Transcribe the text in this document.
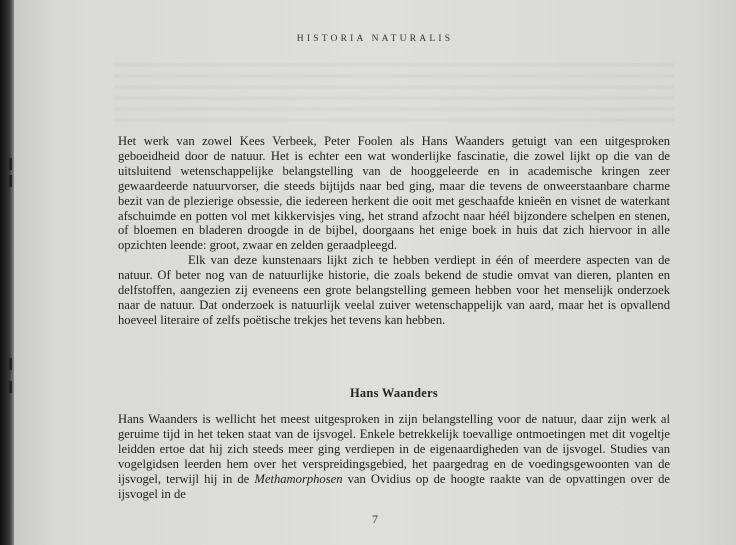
HISTORIA NATURALIS

Het werk van zowel Kees Verbeek, Peter Foolen als Hans Waanders getuigt van een uitgesproken geboeidheid door de natuur. Het is echter een wat wonderlijke fascinatie, die zowel lijkt op die van de uitsluitend wetenschappelijke belangstelling van de hooggeleerde en in academische kringen zeer gewaardeerde natuurvorser, die steeds bijtijds naar bed ging, maar die tevens de onweerstaanbare charme bezit van de plezierige obsessie, die iedereen herkent die ooit met geschaafde knieën en visnet de waterkant afschuimde en potten vol met kikkervisjes ving, het strand afzocht naar héél bijzondere schelpen en stenen, of bloemen en bladeren droogde in de bijbel, doorgaans het enige boek in huis dat zich hiervoor in alle opzichten leende: groot, zwaar en zelden geraadpleegd.

Elk van deze kunstenaars lijkt zich te hebben verdiept in één of meerdere aspecten van de natuur. Of beter nog van de natuurlijke historie, die zoals bekend de studie omvat van dieren, planten en delfstoffen, aangezien zij eveneens een grote belangstelling gemeen hebben voor het menselijk onderzoek naar de natuur. Dat onderzoek is natuurlijk veelal zuiver wetenschappelijk van aard, maar het is opvallend hoeveel literaire of zelfs poëtische trekjes het tevens kan hebben.

Hans Waanders

Hans Waanders is wellicht het meest uitgesproken in zijn belangstelling voor de natuur, daar zijn werk al geruime tijd in het teken staat van de ijsvogel. Enkele betrekkelijk toevallige ontmoetingen met dit vogeltje leidden ertoe dat hij zich steeds meer ging verdiepen in de eigenaardigheden van de ijsvogel. Studies van vogelgidsen leerden hem over het verspreidingsgebied, het paargedrag en de voedingsgewoonten van de ijsvogel, terwijl hij in de Methamorphosen van Ovidius op de hoogte raakte van de opvattingen over de ijsvogel in de

7
